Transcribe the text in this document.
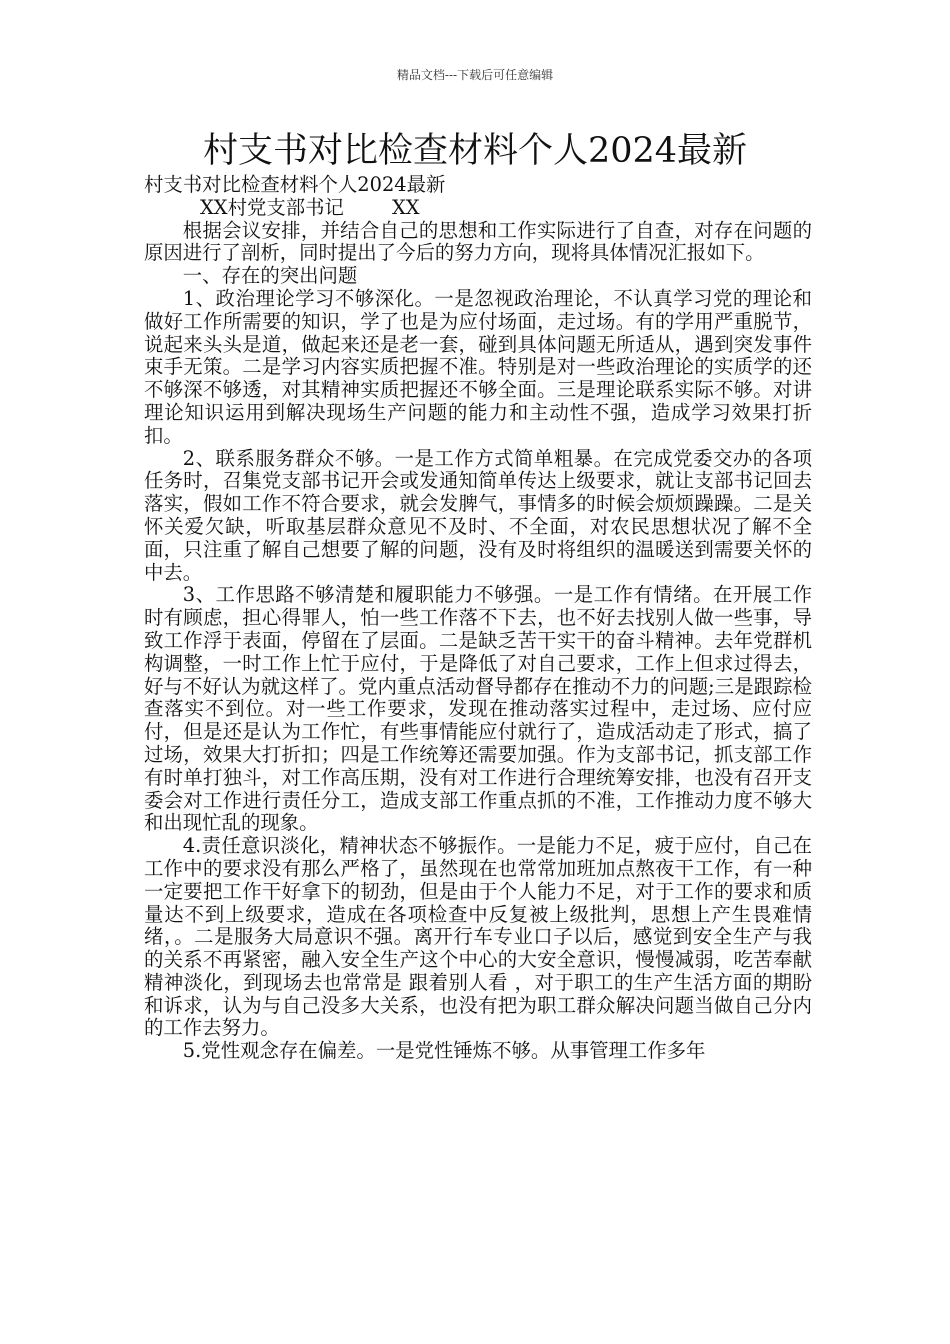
精品文档---下载后可任意编辑
村支书对比检查材料个人2024最新

村支书对比检查材料个人2024最新

XX村党支部书记 XX

根据会议安排，并结合自己的思想和工作实际进行了自查，对存在问题的原因进行了剖析，同时提出了今后的努力方向，现将具体情况汇报如下。

一、存在的突出问题

1、政治理论学习不够深化。一是忽视政治理论，不认真学习党的理论和做好工作所需要的知识，学了也是为应付场面，走过场。有的学用严重脱节，说起来头头是道，做起来还是老一套，碰到具体问题无所适从，遇到突发事件束手无策。二是学习内容实质把握不准。特别是对一些政治理论的实质学的还不够深不够透，对其精神实质把握还不够全面。三是理论联系实际不够。对讲理论知识运用到解决现场生产问题的能力和主动性不强，造成学习效果打折扣。

2、联系服务群众不够。一是工作方式简单粗暴。在完成党委交办的各项任务时，召集党支部书记开会或发通知简单传达上级要求，就让支部书记回去落实，假如工作不符合要求，就会发脾气，事情多的时候会烦烦躁躁。二是关怀关爱欠缺，听取基层群众意见不及时、不全面，对农民思想状况了解不全面，只注重了解自己想要了解的问题，没有及时将组织的温暖送到需要关怀的中去。

3、工作思路不够清楚和履职能力不够强。一是工作有情绪。在开展工作时有顾虑，担心得罪人，怕一些工作落不下去，也不好去找别人做一些事，导致工作浮于表面，停留在了层面。二是缺乏苦干实干的奋斗精神。去年党群机构调整，一时工作上忙于应付，于是降低了对自己要求，工作上但求过得去，好与不好认为就这样了。党内重点活动督导都存在推动不力的问题;三是跟踪检查落实不到位。对一些工作要求，发现在推动落实过程中，走过场、应付应付，但是还是认为工作忙，有些事情能应付就行了，造成活动走了形式，搞了过场，效果大打折扣；四是工作统筹还需要加强。作为支部书记，抓支部工作有时单打独斗，对工作高压期，没有对工作进行合理统筹安排，也没有召开支委会对工作进行责任分工，造成支部工作重点抓的不准，工作推动力度不够大和出现忙乱的现象。

4.责任意识淡化，精神状态不够振作。一是能力不足，疲于应付，自己在工作中的要求没有那么严格了，虽然现在也常常加班加点熬夜干工作，有一种一定要把工作干好拿下的韧劲，但是由于个人能力不足，对于工作的要求和质量达不到上级要求，造成在各项检查中反复被上级批判，思想上产生畏难情绪，。二是服务大局意识不强。离开行车专业口子以后，感觉到安全生产与我的关系不再紧密，融入安全生产这个中心的大安全意识，慢慢减弱，吃苦奉献精神淡化，到现场去也常常是 跟着别人看 ，对于职工的生产生活方面的期盼和诉求，认为与自己没多大关系，也没有把为职工群众解决问题当做自己分内的工作去努力。

5.党性观念存在偏差。一是党性锤炼不够。从事管理工作多年
